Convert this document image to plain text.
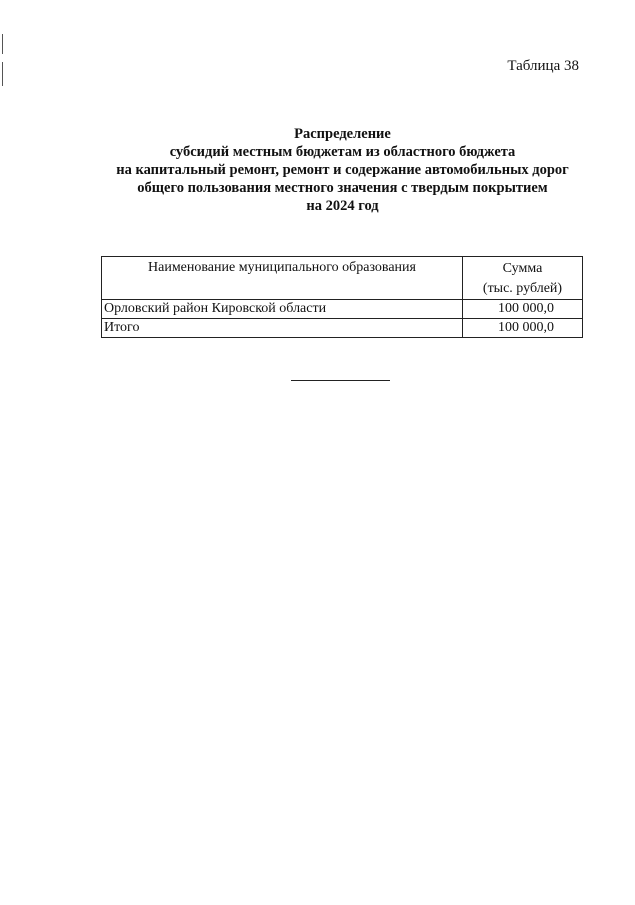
Таблица 38
Распределение
субсидий местным бюджетам из областного бюджета
на капитальный ремонт, ремонт и содержание автомобильных дорог
общего пользования местного значения с твердым покрытием
на 2024 год
Наименование муниципального образования	Сумма
(тыс. рублей)

Орловский район Кировской области	100 000,0
Итого	100 000,0
